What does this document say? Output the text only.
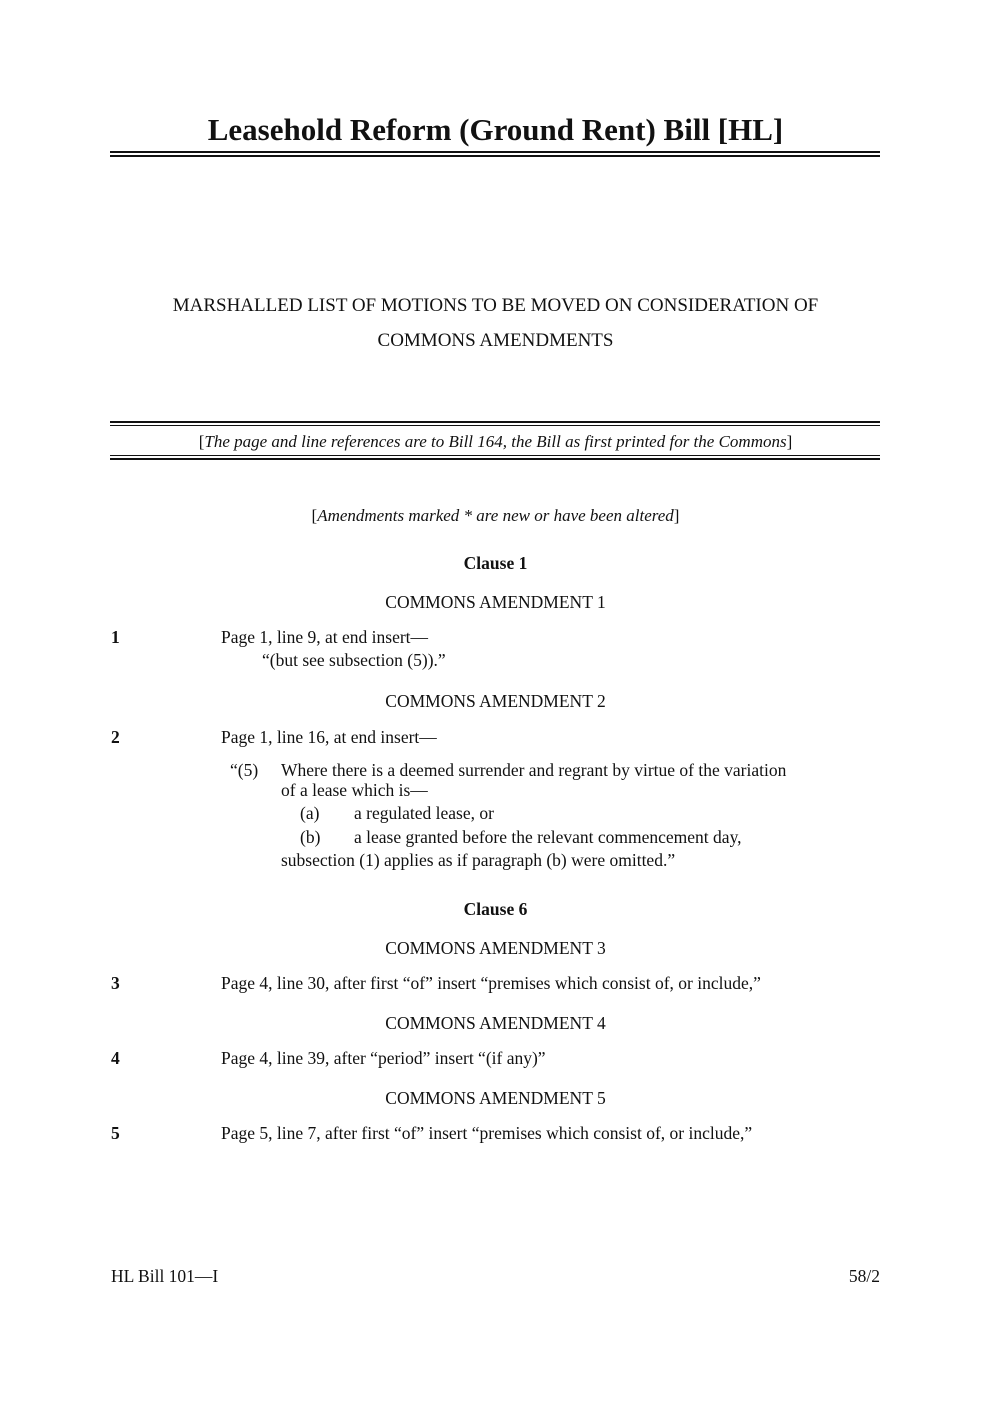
Leasehold Reform (Ground Rent) Bill [HL]
MARSHALLED LIST OF MOTIONS TO BE MOVED ON CONSIDERATION OF
COMMONS AMENDMENTS
[The page and line references are to Bill 164, the Bill as first printed for the Commons]
[Amendments marked * are new or have been altered]
Clause 1
COMMONS AMENDMENT 1
1	Page 1, line 9, at end insert—
“(but see subsection (5)).”
COMMONS AMENDMENT 2
2	Page 1, line 16, at end insert—
“(5) Where there is a deemed surrender and regrant by virtue of the variation
of a lease which is—
(a) a regulated lease, or
(b) a lease granted before the relevant commencement day,
subsection (1) applies as if paragraph (b) were omitted.”
Clause 6
COMMONS AMENDMENT 3
3	Page 4, line 30, after first “of” insert “premises which consist of, or include,”
COMMONS AMENDMENT 4
4	Page 4, line 39, after “period” insert “(if any)”
COMMONS AMENDMENT 5
5	Page 5, line 7, after first “of” insert “premises which consist of, or include,”
HL Bill 101—I	58/2
